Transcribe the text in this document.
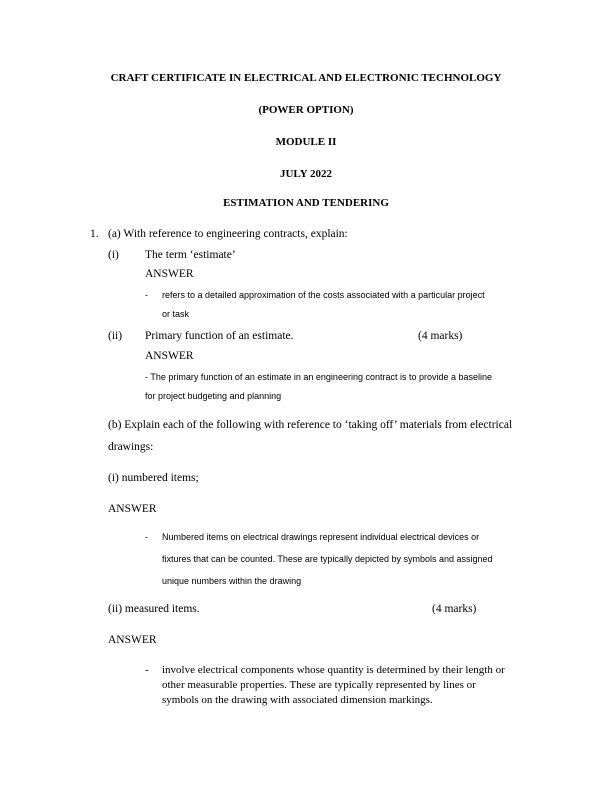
CRAFT CERTIFICATE IN ELECTRICAL AND ELECTRONIC TECHNOLOGY
(POWER OPTION)
MODULE II
JULY 2022
ESTIMATION AND TENDERING
1. (a) With reference to engineering contracts, explain:
(i) The term ‘estimate’
ANSWER
- refers to a detailed approximation of the costs associated with a particular project
or task
(ii) Primary function of an estimate.	(4 marks)
ANSWER
- The primary function of an estimate in an engineering contract is to provide a baseline
for project budgeting and planning
(b) Explain each of the following with reference to ‘taking off’ materials from electrical
drawings:
(i) numbered items;
ANSWER
- Numbered items on electrical drawings represent individual electrical devices or
fixtures that can be counted. These are typically depicted by symbols and assigned
unique numbers within the drawing
(ii) measured items.	(4 marks)
ANSWER
- involve electrical components whose quantity is determined by their length or
other measurable properties. These are typically represented by lines or
symbols on the drawing with associated dimension markings.
